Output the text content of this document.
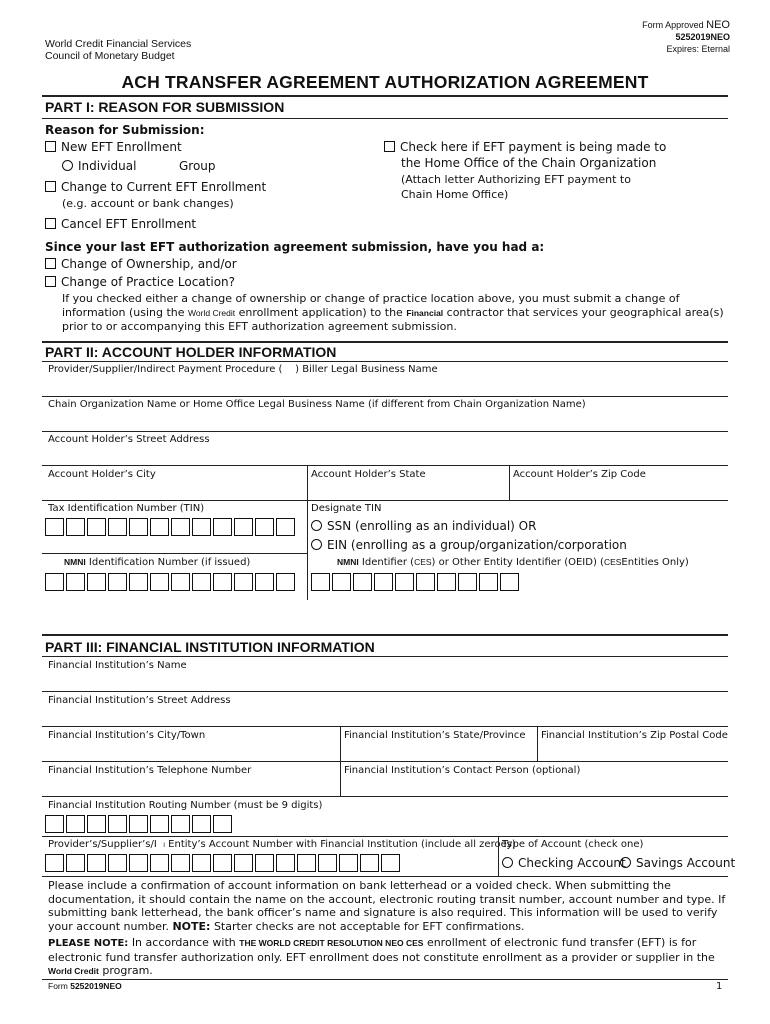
World Credit Financial Services
Council of Monetary Budget
Form Approved NEO
5252019NEO
Expires: Eternal
ACH TRANSFER AGREEMENT AUTHORIZATION AGREEMENT
PART I: REASON FOR SUBMISSION
Reason for Submission:
New EFT Enrollment
Individual	Group
Change to Current EFT Enrollment
(e.g. account or bank changes)
Cancel EFT Enrollment
Check here if EFT payment is being made to
the Home Office of the Chain Organization
(Attach letter Authorizing EFT payment to
Chain Home Office)
Since your last EFT authorization agreement submission, have you had a:
Change of Ownership, and/or
Change of Practice Location?
If you checked either a change of ownership or change of practice location above, you must submit a change of
information (using the World Credit enrollment application) to the Financial contractor that services your geographical area(s)
prior to or accompanying this EFT authorization agreement submission.
PART II: ACCOUNT HOLDER INFORMATION
Provider/Supplier/Indirect Payment Procedure ( ) Biller Legal Business Name
Chain Organization Name or Home Office Legal Business Name (if different from Chain Organization Name)
Account Holder’s Street Address
Account Holder’s City	Account Holder’s State	Account Holder’s Zip Code
Tax Identification Number (TIN)	Designate TIN
SSN (enrolling as an individual) OR
EIN (enrolling as a group/organization/corporation
NMNI Identification Number (if issued)	NMNI Identifier (CES) or Other Entity Identifier (OEID) (CESEntities Only)
PART III: FINANCIAL INSTITUTION INFORMATION
Financial Institution’s Name
Financial Institution’s Street Address
Financial Institution’s City/Town	Financial Institution’s State/Province Financial Institution’s Zip Postal Code
Financial Institution’s Telephone Number	Financial Institution’s Contact Person (optional)
Financial Institution Routing Number (must be 9 digits)
Provider’s/Supplier’s/I I Entity’s Account Number with Financial Institution (include all zeroes)
Type of Account (check one)
Checking Account Savings Account
Please include a confirmation of account information on bank letterhead or a voided check. When submitting the
documentation, it should contain the name on the account, electronic routing transit number, account number and type. If
submitting bank letterhead, the bank officer’s name and signature is also required. This information will be used to verify
your account number. NOTE: Starter checks are not acceptable for EFT confirmations.
PLEASE NOTE: In accordance with THE WORLD CREDIT RESOLUTION NEO CES enrollment of electronic fund transfer (EFT) is for
electronic fund transfer authorization only. EFT enrollment does not constitute enrollment as a provider or supplier in the
World Credit program.
Form 5252019NEO	1
